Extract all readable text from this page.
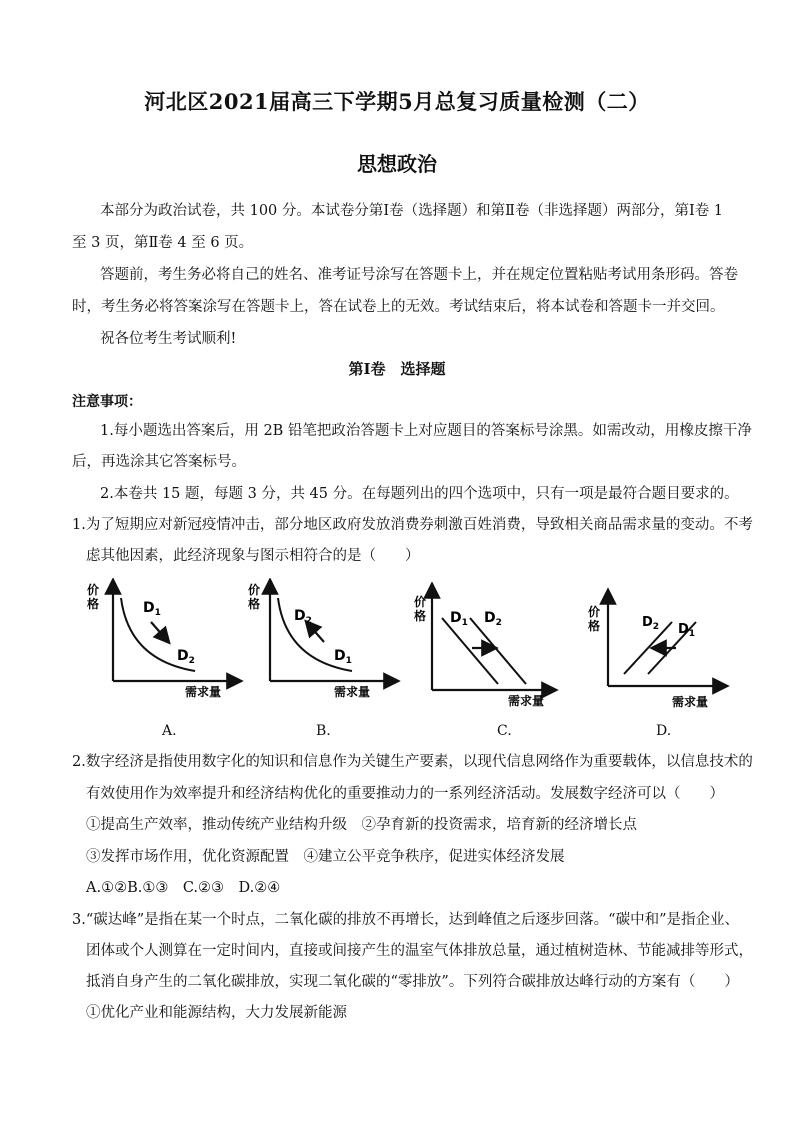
河北区2021届高三下学期5月总复习质量检测（二）
思想政治
本部分为政治试卷，共 100 分。本试卷分第Ⅰ卷（选择题）和第Ⅱ卷（非选择题）两部分，第Ⅰ卷 1
至 3 页，第Ⅱ卷 4 至 6 页。
答题前，考生务必将自己的姓名、准考证号涂写在答题卡上，并在规定位置粘贴考试用条形码。答卷
时，考生务必将答案涂写在答题卡上，答在试卷上的无效。考试结束后，将本试卷和答题卡一并交回。
祝各位考生考试顺利!
第Ⅰ卷　选择题
注意事项：
1.每小题选出答案后，用 2B 铅笔把政治答题卡上对应题目的答案标号涂黑。如需改动，用橡皮擦干净
后，再选涂其它答案标号。
2.本卷共 15 题，每题 3 分，共 45 分。在每题列出的四个选项中，只有一项是最符合题目要求的。
1.为了短期应对新冠疫情冲击，部分地区政府发放消费券刺激百姓消费，导致相关商品需求量的变动。不考
虑其他因素，此经济现象与图示相符合的是（　　）
价
格	$D_1$
$D_2$
需求量
A.
价
格
$D_2$
$D_1$
需求量
B.
价
格 $D_1$ $D_2$
需求量
C.
价
格	$D_2$ $D_1$
需求量
D.
2.数字经济是指使用数字化的知识和信息作为关键生产要素，以现代信息网络作为重要载体，以信息技术的
有效使用作为效率提升和经济结构优化的重要推动力的一系列经济活动。发展数字经济可以（　　）
①提高生产效率，推动传统产业结构升级　②孕育新的投资需求，培育新的经济增长点
③发挥市场作用，优化资源配置　④建立公平竞争秩序，促进实体经济发展
A.①②B.①③　C.②③　D.②④
3.“碳达峰”是指在某一个时点，二氧化碳的排放不再增长，达到峰值之后逐步回落。“碳中和”是指企业、
团体或个人测算在一定时间内，直接或间接产生的温室气体排放总量，通过植树造林、节能减排等形式，
抵消自身产生的二氧化碳排放，实现二氧化碳的“零排放”。下列符合碳排放达峰行动的方案有（　　）
①优化产业和能源结构，大力发展新能源
